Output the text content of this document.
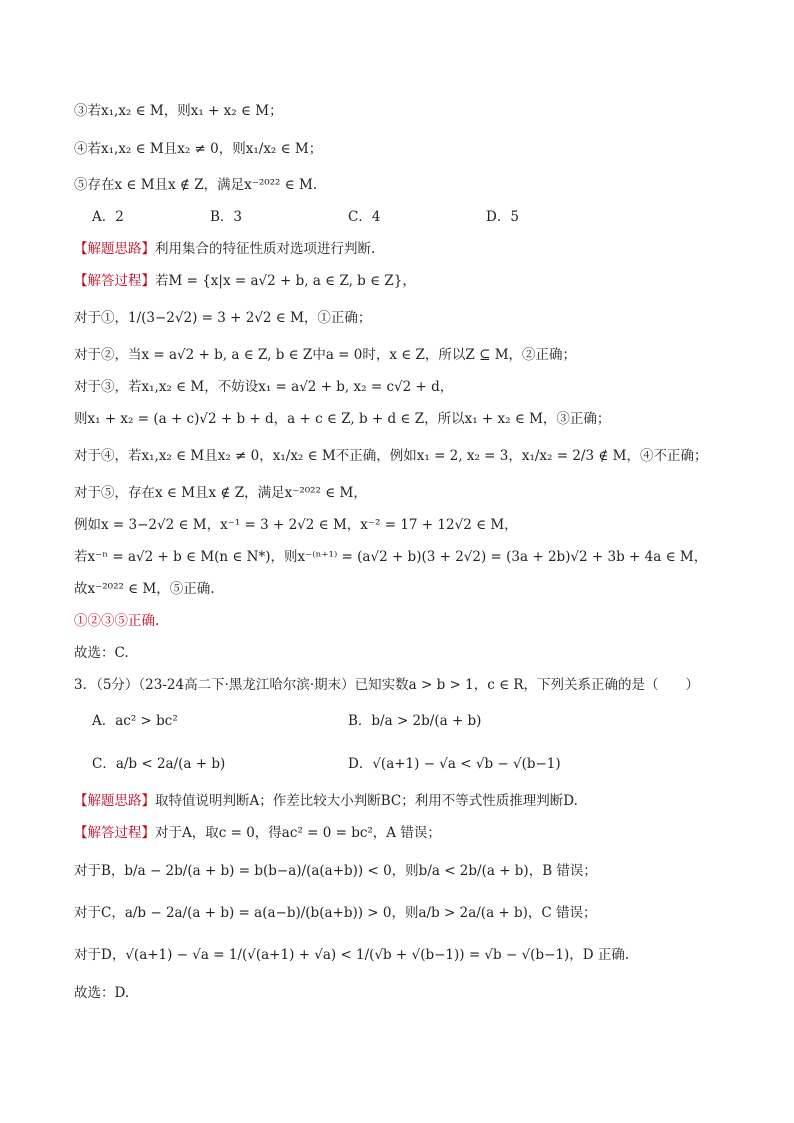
③若x₁,x₂ ∈ M，则x₁ + x₂ ∈ M；
④若x₁,x₂ ∈ M且x₂ ≠ 0，则x₁/x₂ ∈ M；
⑤存在x ∈ M且x ∉ Z，满足x⁻²⁰²² ∈ M.
A．2	B．3	C．4	D．5
【解题思路】利用集合的特征性质对选项进行判断.
【解答过程】若M = {x|x = a√2 + b, a ∈ Z, b ∈ Z}，
对于①，1/(3−2√2) = 3 + 2√2 ∈ M，①正确；
对于②，当x = a√2 + b, a ∈ Z, b ∈ Z中a = 0时，x ∈ Z，所以Z ⊆ M，②正确；
对于③，若x₁,x₂ ∈ M，不妨设x₁ = a√2 + b, x₂ = c√2 + d，
则x₁ + x₂ = (a + c)√2 + b + d，a + c ∈ Z, b + d ∈ Z，所以x₁ + x₂ ∈ M，③正确；
对于④，若x₁,x₂ ∈ M且x₂ ≠ 0，x₁/x₂ ∈ M不正确，例如x₁ = 2, x₂ = 3，x₁/x₂ = 2/3 ∉ M，④不正确；
对于⑤，存在x ∈ M且x ∉ Z，满足x⁻²⁰²² ∈ M，
例如x = 3−2√2 ∈ M，x⁻¹ = 3 + 2√2 ∈ M，x⁻² = 17 + 12√2 ∈ M，
若x⁻ⁿ = a√2 + b ∈ M(n ∈ N*)，则x⁻⁽ⁿ⁺¹⁾ = (a√2 + b)(3 + 2√2) = (3a + 2b)√2 + 3b + 4a ∈ M，
故x⁻²⁰²² ∈ M，⑤正确.
①②③⑤正确.
故选：C.
3．（5分）（23-24高二下·黑龙江哈尔滨·期末）已知实数a > b > 1，c ∈ R，下列关系正确的是（　　）
A．ac² > bc²	B．b/a > 2b/(a + b)
C．a/b < 2a/(a + b)	D．√(a+1) − √a < √b − √(b−1)
【解题思路】取特值说明判断A；作差比较大小判断BC；利用不等式性质推理判断D.
【解答过程】对于A，取c = 0，得ac² = 0 = bc²，A 错误；
对于B，b/a − 2b/(a + b) = b(b−a)/(a(a+b)) < 0，则b/a < 2b/(a + b)，B 错误；
对于C，a/b − 2a/(a + b) = a(a−b)/(b(a+b)) > 0，则a/b > 2a/(a + b)，C 错误；
对于D，√(a+1) − √a = 1/(√(a+1) + √a) < 1/(√b + √(b−1)) = √b − √(b−1)，D 正确.
故选：D.
